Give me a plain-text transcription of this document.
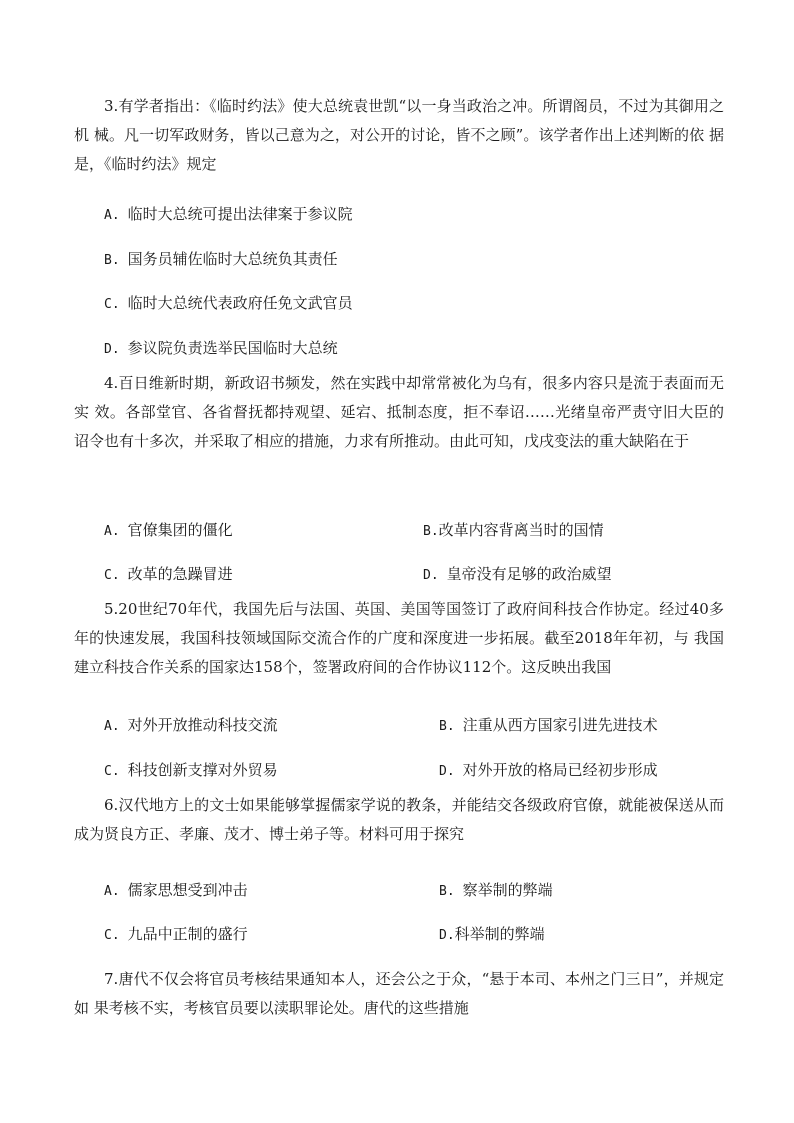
3.有学者指出：《临时约法》使大总统袁世凯“以一身当政治之冲。所谓阁员，不过为其御用之机 械。凡一切军政财务，皆以己意为之，对公开的讨论，皆不之顾”。该学者作出上述判断的依 据是，《临时约法》规定

A. 临时大总统可提出法律案于参议院
B. 国务员辅佐临时大总统负其责任
C. 临时大总统代表政府任免文武官员
D. 参议院负责选举民国临时大总统

4.百日维新时期，新政诏书频发，然在实践中却常常被化为乌有，很多内容只是流于表面而无实 效。各部堂官、各省督抚都持观望、延宕、抵制态度，拒不奉诏……光绪皇帝严责守旧大臣的 诏令也有十多次，并采取了相应的措施，力求有所推动。由此可知，戊戌变法的重大缺陷在于

A. 官僚集团的僵化	B.改革内容背离当时的国情
C. 改革的急躁冒进	D. 皇帝没有足够的政治威望

5.20世纪70年代，我国先后与法国、英国、美国等国签订了政府间科技合作协定。经过40多 年的快速发展，我国科技领域国际交流合作的广度和深度进一步拓展。截至2018年年初，与 我国建立科技合作关系的国家达158个，签署政府间的合作协议112个。这反映出我国

A. 对外开放推动科技交流	B. 注重从西方国家引进先进技术
C. 科技创新支撑对外贸易	D. 对外开放的格局已经初步形成

6.汉代地方上的文士如果能够掌握儒家学说的教条，并能结交各级政府官僚，就能被保送从而 成为贤良方正、孝廉、茂才、博士弟子等。材料可用于探究

A. 儒家思想受到冲击	B. 察举制的弊端
C. 九品中正制的盛行	D.科举制的弊端

7.唐代不仅会将官员考核结果通知本人，还会公之于众，“悬于本司、本州之门三日”，并规定如 果考核不实，考核官员要以渎职罪论处。唐代的这些措施
